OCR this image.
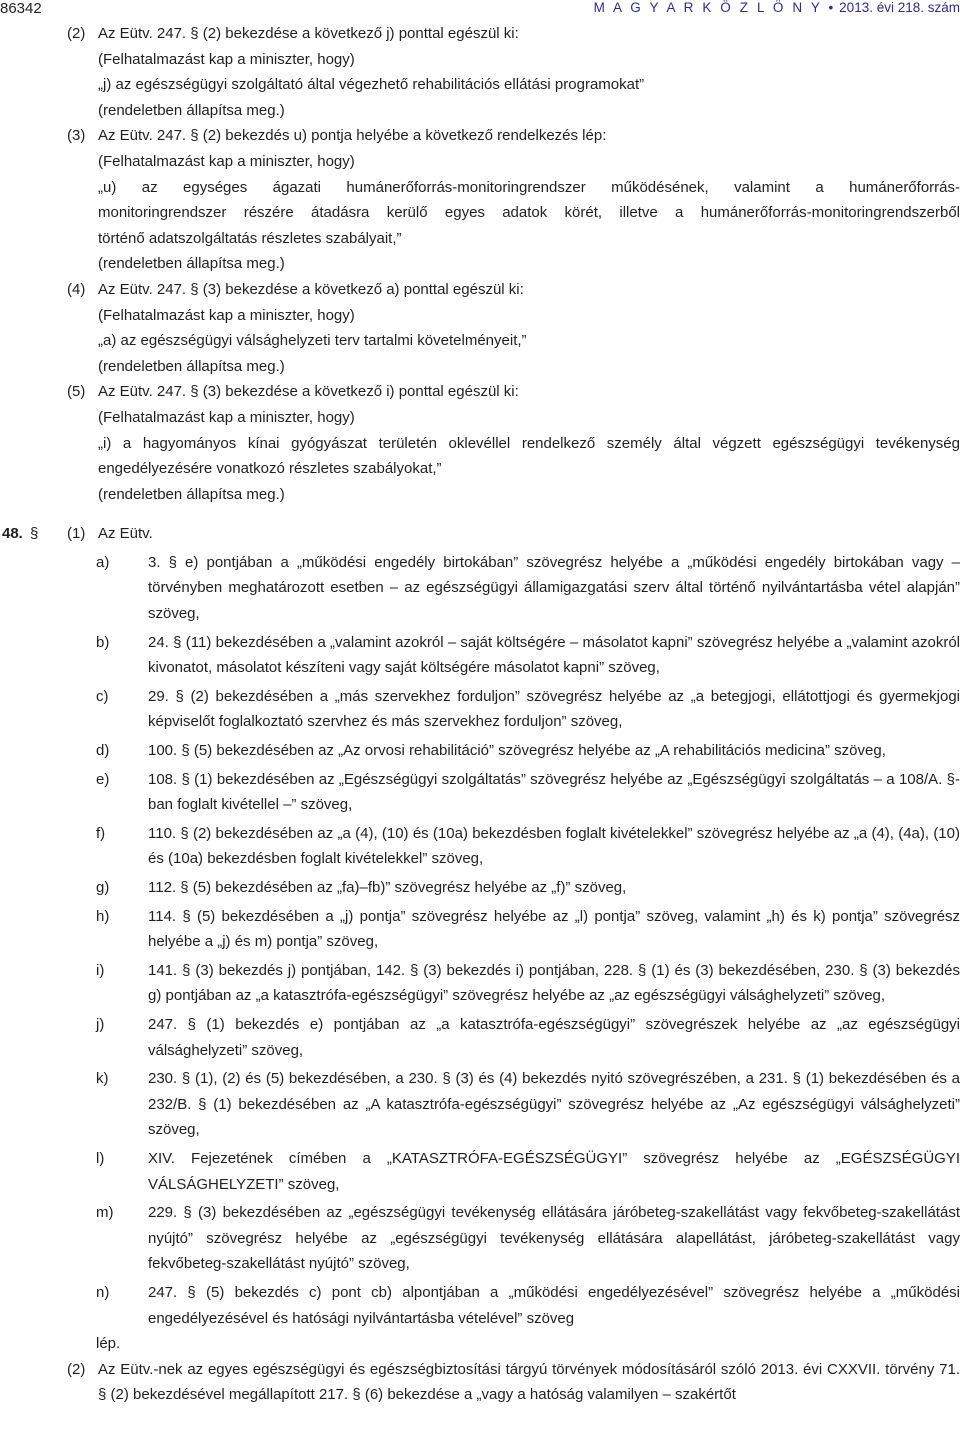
86342	M A G Y A R K Ö Z L Ö N Y • 2013. évi 218. szám
(2) Az Eütv. 247. § (2) bekezdése a következő j) ponttal egészül ki:
(Felhatalmazást kap a miniszter, hogy)
„j) az egészségügyi szolgáltató által végezhető rehabilitációs ellátási programokat”
(rendeletben állapítsa meg.)
(3) Az Eütv. 247. § (2) bekezdés u) pontja helyébe a következő rendelkezés lép:
(Felhatalmazást kap a miniszter, hogy)
„u) az egységes ágazati humánerőforrás-monitoringrendszer működésének, valamint a humánerőforrás-
monitoringrendszer részére átadásra kerülő egyes adatok körét, illetve a humánerőforrás-monitoringrendszerből
történő adatszolgáltatás részletes szabályait,”
(rendeletben állapítsa meg.)
(4) Az Eütv. 247. § (3) bekezdése a következő a) ponttal egészül ki:
(Felhatalmazást kap a miniszter, hogy)
„a) az egészségügyi válsághelyzeti terv tartalmi követelményeit,”
(rendeletben állapítsa meg.)
(5) Az Eütv. 247. § (3) bekezdése a következő i) ponttal egészül ki:
(Felhatalmazást kap a miniszter, hogy)
„i) a hagyományos kínai gyógyászat területén oklevéllel rendelkező személy által végzett egészségügyi tevékenység
engedélyezésére vonatkozó részletes szabályokat,”
(rendeletben állapítsa meg.)
48. § (1) Az Eütv.
a)	3. § e) pontjában a „működési engedély birtokában” szövegrész helyébe a „működési engedély birtokában vagy – törvényben meghatározott esetben – az egészségügyi államigazgatási szerv által történő nyilvántartásba vétel alapján” szöveg,
b)	24. § (11) bekezdésében a „valamint azokról – saját költségére – másolatot kapni” szövegrész helyébe a „valamint azokról kivonatot, másolatot készíteni vagy saját költségére másolatot kapni” szöveg,
c)	29. § (2) bekezdésében a „más szervekhez forduljon” szövegrész helyébe az „a betegjogi, ellátottjogi és gyermekjogi képviselőt foglalkoztató szervhez és más szervekhez forduljon” szöveg,
d)	100. § (5) bekezdésében az „Az orvosi rehabilitáció” szövegrész helyébe az „A rehabilitációs medicina” szöveg,
e)	108. § (1) bekezdésében az „Egészségügyi szolgáltatás” szövegrész helyébe az „Egészségügyi szolgáltatás – a 108/A. §-ban foglalt kivétellel –” szöveg,
f)	110. § (2) bekezdésében az „a (4), (10) és (10a) bekezdésben foglalt kivételekkel” szövegrész helyébe az „a (4), (4a), (10) és (10a) bekezdésben foglalt kivételekkel” szöveg,
g)	112. § (5) bekezdésében az „fa)–fb)” szövegrész helyébe az „f)” szöveg,
h)	114. § (5) bekezdésében a „j) pontja” szövegrész helyébe az „l) pontja” szöveg, valamint „h) és k) pontja” szövegrész helyébe a „j) és m) pontja” szöveg,
i)	141. § (3) bekezdés j) pontjában, 142. § (3) bekezdés i) pontjában, 228. § (1) és (3) bekezdésében, 230. § (3) bekezdés g) pontjában az „a katasztrófa-egészségügyi” szövegrész helyébe az „az egészségügyi válsághelyzeti” szöveg,
j)	247. § (1) bekezdés e) pontjában az „a katasztrófa-egészségügyi” szövegrészek helyébe az „az egészségügyi válsághelyzeti” szöveg,
k)	230. § (1), (2) és (5) bekezdésében, a 230. § (3) és (4) bekezdés nyitó szövegrészében, a 231. § (1) bekezdésében és a 232/B. § (1) bekezdésében az „A katasztrófa-egészségügyi” szövegrész helyébe az „Az egészségügyi válsághelyzeti” szöveg,
l)	XIV. Fejezetének címében a „KATASZTRÓFA-EGÉSZSÉGÜGYI” szövegrész helyébe az „EGÉSZSÉGÜGYI VÁLSÁGHELYZETI” szöveg,
m) 229. § (3) bekezdésében az „egészségügyi tevékenység ellátására járóbeteg-szakellátást vagy fekvőbeteg-szakellátást nyújtó” szövegrész helyébe az „egészségügyi tevékenység ellátására alapellátást, járóbeteg-szakellátást vagy fekvőbeteg-szakellátást nyújtó” szöveg,
n)	247. § (5) bekezdés c) pont cb) alpontjában a „működési engedélyezésével” szövegrész helyébe a „működési engedélyezésével és hatósági nyilvántartásba vételével” szöveg
lép.
(2) Az Eütv.-nek az egyes egészségügyi és egészségbiztosítási tárgyú törvények módosításáról szóló 2013. évi CXXVII. törvény 71. § (2) bekezdésével megállapított 217. § (6) bekezdése a „vagy a hatóság valamilyen – szakértőt
